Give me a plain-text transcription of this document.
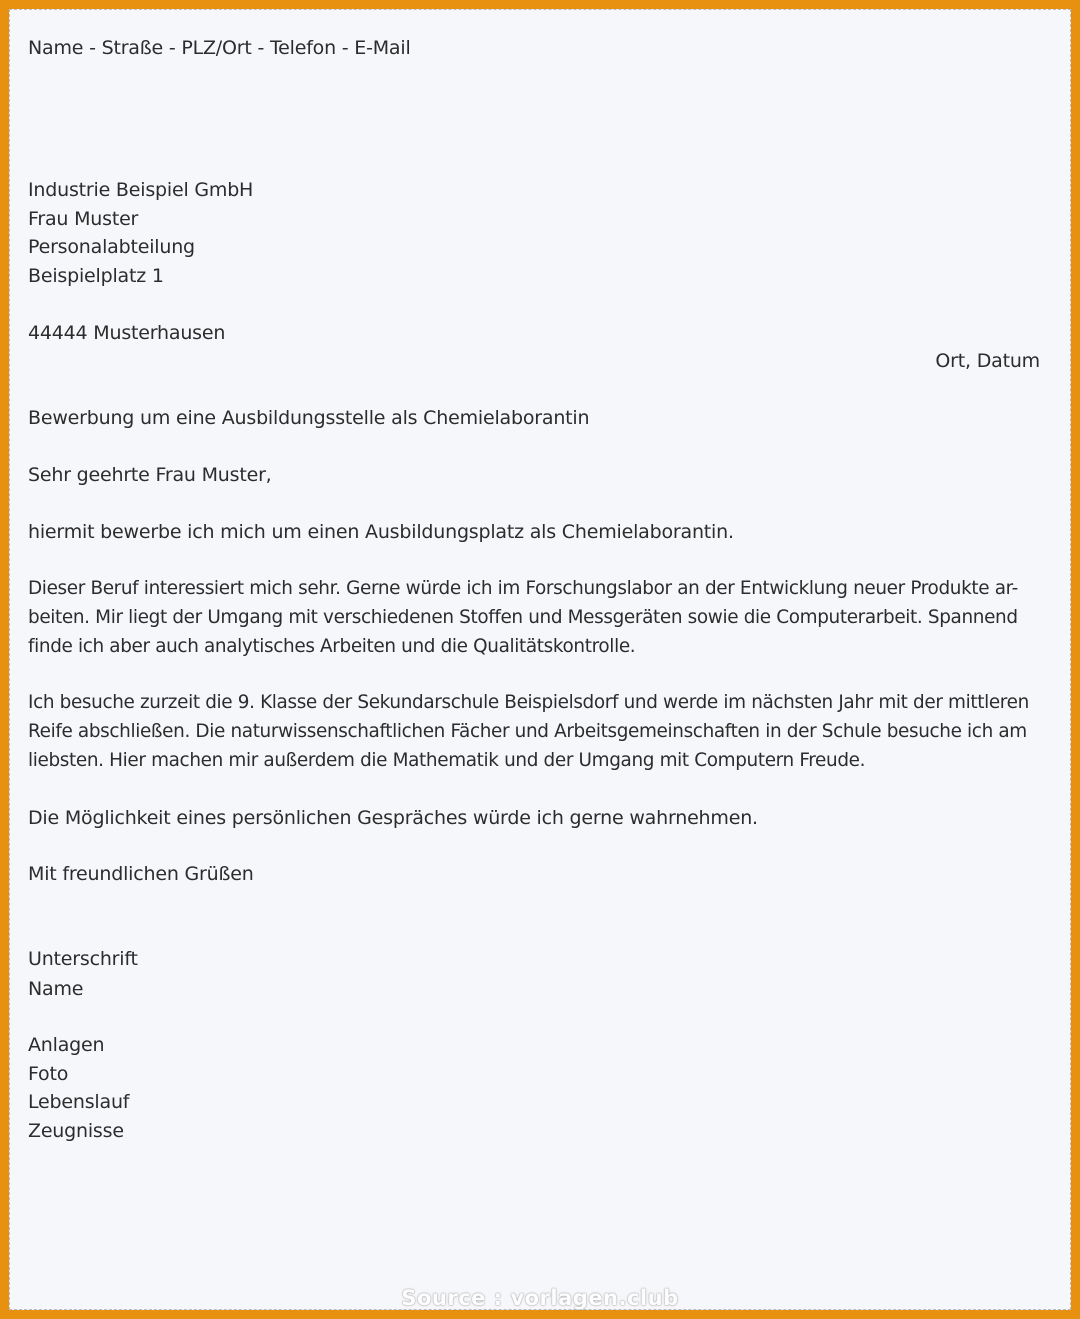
Name - Straße - PLZ/Ort - Telefon - E-Mail
Industrie Beispiel GmbH
Frau Muster
Personalabteilung
Beispielplatz 1
44444 Musterhausen
Ort, Datum
Bewerbung um eine Ausbildungsstelle als Chemielaborantin
Sehr geehrte Frau Muster,
hiermit bewerbe ich mich um einen Ausbildungsplatz als Chemielaborantin.
Dieser Beruf interessiert mich sehr. Gerne würde ich im Forschungslabor an der Entwicklung neuer Produkte ar-
beiten. Mir liegt der Umgang mit verschiedenen Stoffen und Messgeräten sowie die Computerarbeit. Spannend
finde ich aber auch analytisches Arbeiten und die Qualitätskontrolle.
Ich besuche zurzeit die 9. Klasse der Sekundarschule Beispielsdorf und werde im nächsten Jahr mit der mittleren
Reife abschließen. Die naturwissenschaftlichen Fächer und Arbeitsgemeinschaften in der Schule besuche ich am
liebsten. Hier machen mir außerdem die Mathematik und der Umgang mit Computern Freude.
Die Möglichkeit eines persönlichen Gespräches würde ich gerne wahrnehmen.
Mit freundlichen Grüßen
Unterschrift
Name
Anlagen
Foto
Lebenslauf
Zeugnisse
Source : vorlagen.club
